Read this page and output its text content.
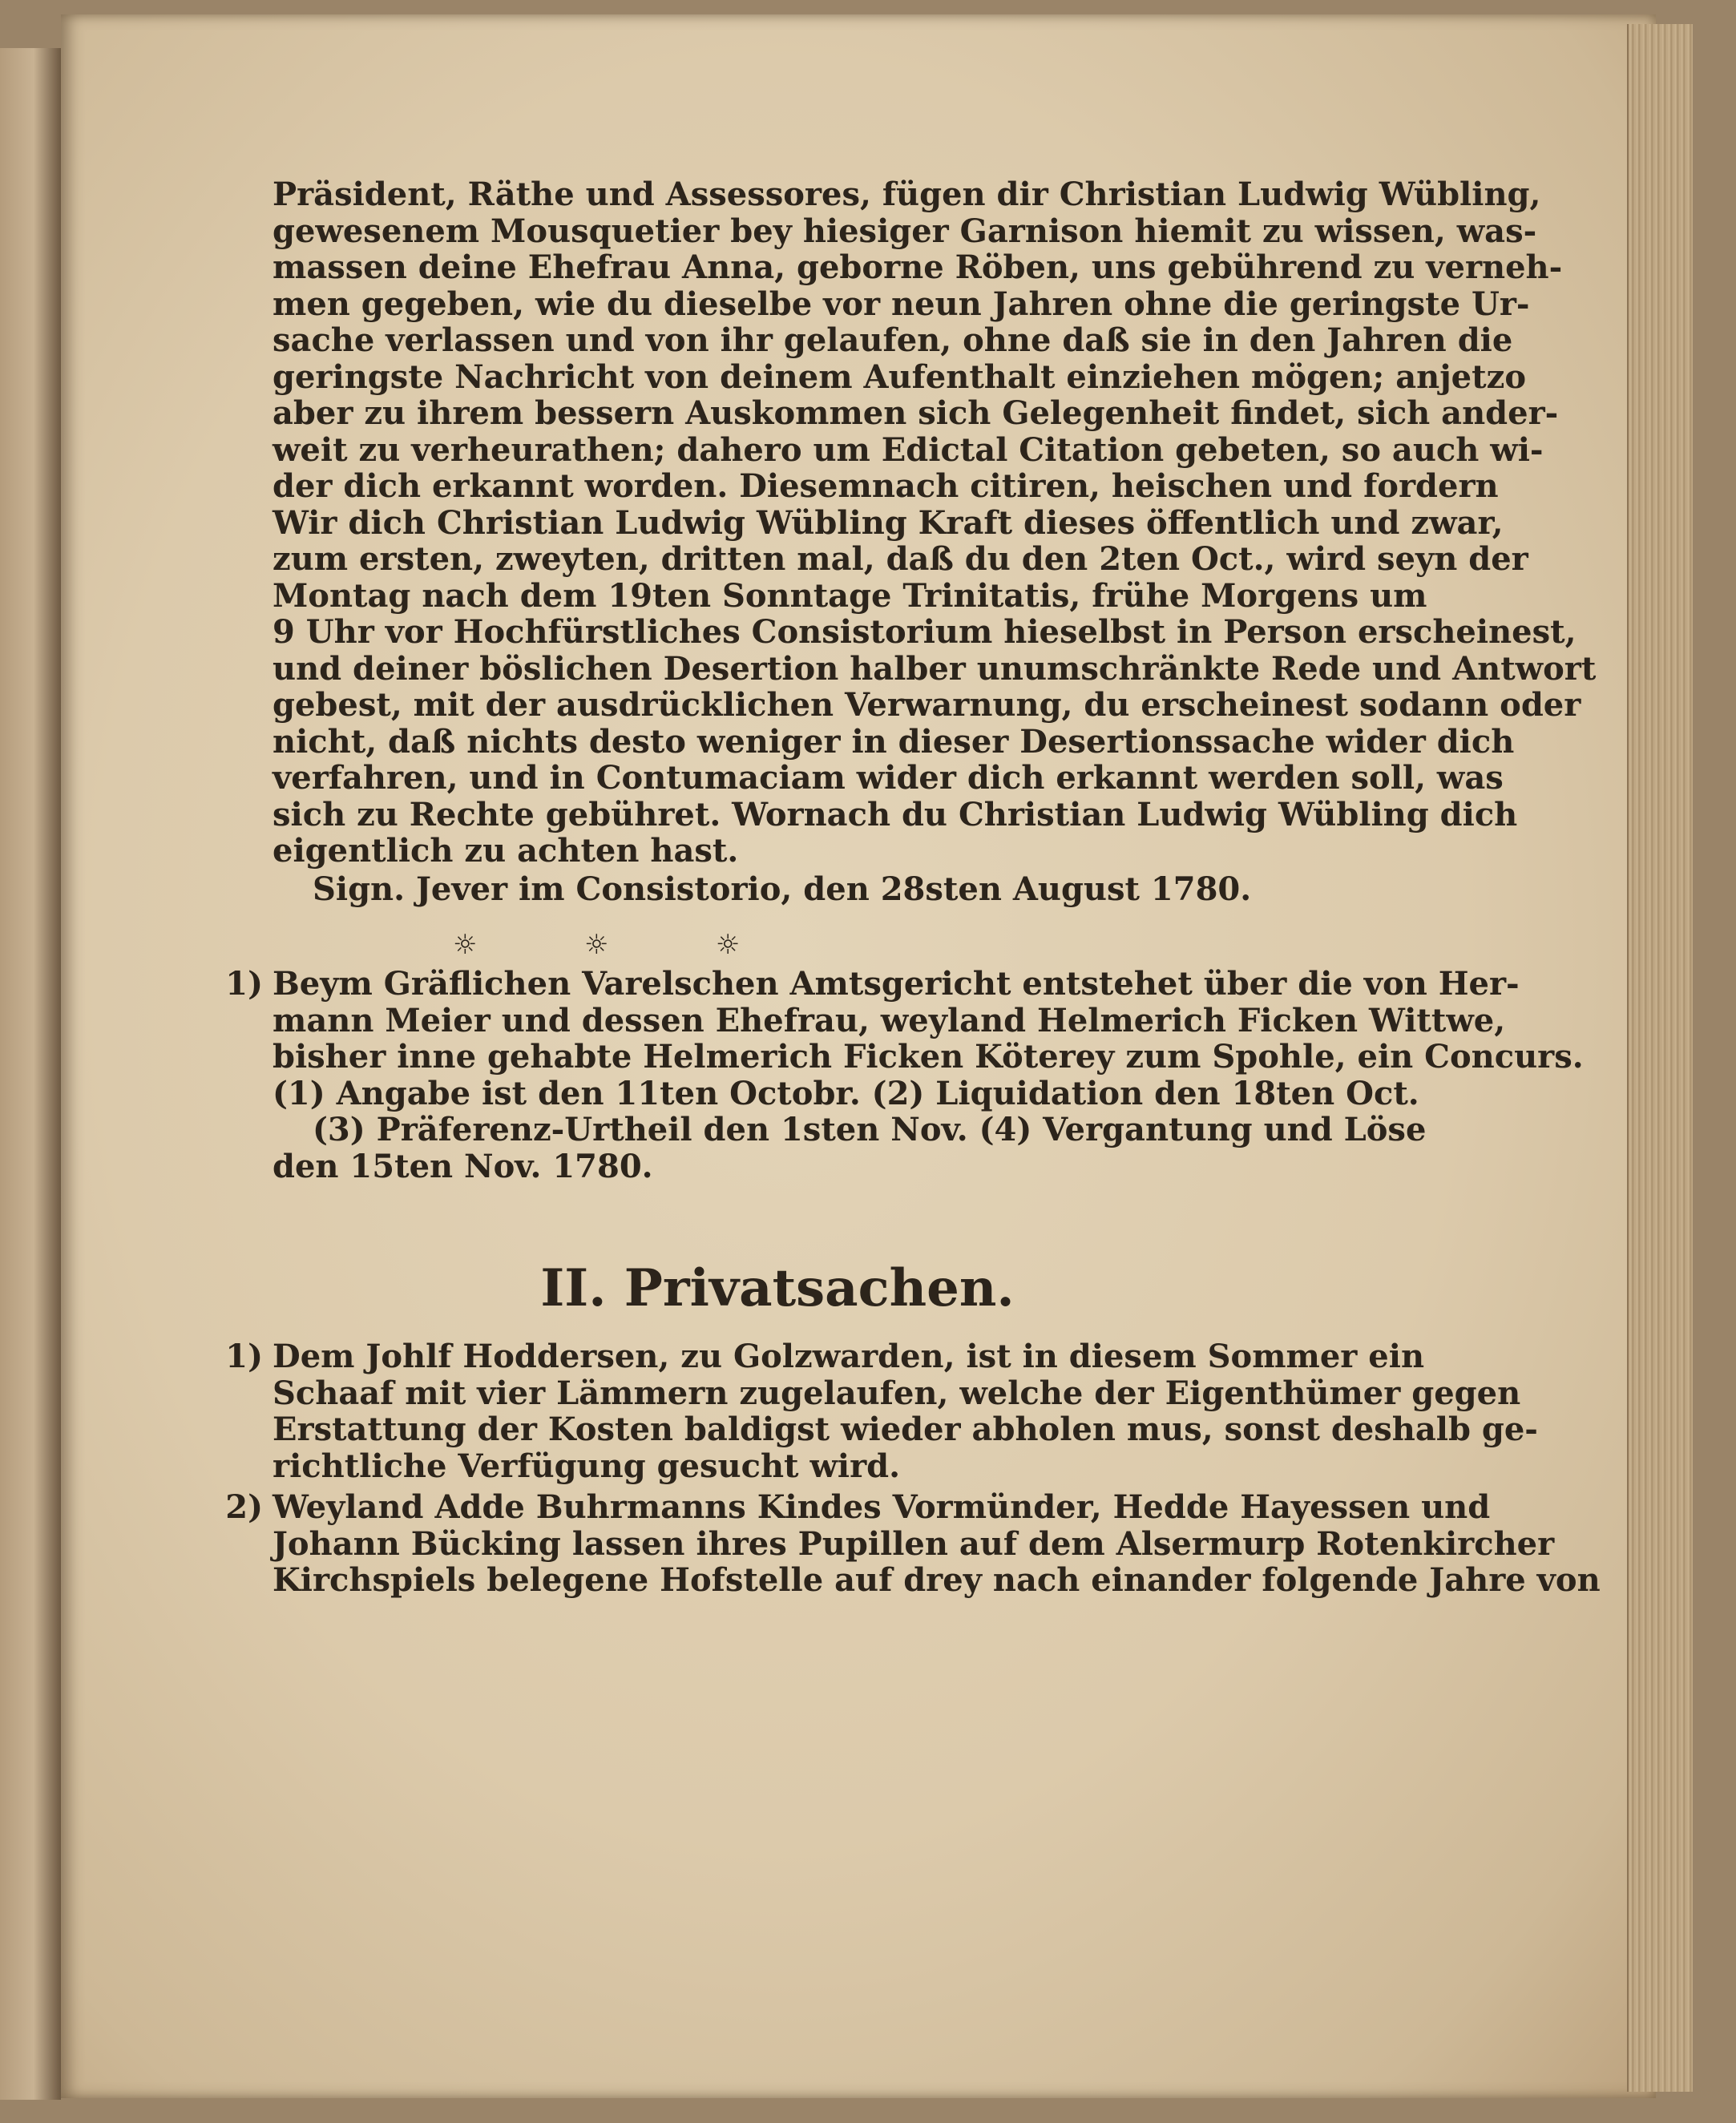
Präsident, Räthe und Assessores, fügen dir Christian Ludwig Wübling,
gewesenem Mousquetier bey hiesiger Garnison hiemit zu wissen, was-
massen deine Ehefrau Anna, geborne Röben, uns gebührend zu verneh-
men gegeben, wie du dieselbe vor neun Jahren ohne die geringste Ur-
sache verlassen und von ihr gelaufen, ohne daß sie in den Jahren die
geringste Nachricht von deinem Aufenthalt einziehen mögen; anjetzo
aber zu ihrem bessern Auskommen sich Gelegenheit findet, sich ander-
weit zu verheurathen; dahero um Edictal Citation gebeten, so auch wi-
der dich erkannt worden. Diesemnach citiren, heischen und fordern
Wir dich Christian Ludwig Wübling Kraft dieses öffentlich und zwar,
zum ersten, zweyten, dritten mal, daß du den 2ten Oct., wird seyn der
Montag nach dem 19ten Sonntage Trinitatis, frühe Morgens um
9 Uhr vor Hochfürstliches Consistorium hieselbst in Person erscheinest,
und deiner böslichen Desertion halber unumschränkte Rede und Antwort
gebest, mit der ausdrücklichen Verwarnung, du erscheinest sodann oder
nicht, daß nichts desto weniger in dieser Desertionssache wider dich
verfahren, und in Contumaciam wider dich erkannt werden soll, was
sich zu Rechte gebühret. Wornach du Christian Ludwig Wübling dich
eigentlich zu achten hast.
Sign. Jever im Consistorio, den 28sten August 1780.
☼	☼	☼
1) Beym Gräflichen Varelschen Amtsgericht entstehet über die von Her-
mann Meier und dessen Ehefrau, weyland Helmerich Ficken Wittwe,
bisher inne gehabte Helmerich Ficken Köterey zum Spohle, ein Concurs.
(1) Angabe ist den 11ten Octobr. (2) Liquidation den 18ten Oct.
(3) Präferenz-Urtheil den 1sten Nov. (4) Vergantung und Löse
den 15ten Nov. 1780.
II. Privatsachen.
1) Dem Johlf Hoddersen, zu Golzwarden, ist in diesem Sommer ein
Schaaf mit vier Lämmern zugelaufen, welche der Eigenthümer gegen
Erstattung der Kosten baldigst wieder abholen mus, sonst deshalb ge-
richtliche Verfügung gesucht wird.
2) Weyland Adde Buhrmanns Kindes Vormünder, Hedde Hayessen und
Johann Bücking lassen ihres Pupillen auf dem Alsermurp Rotenkircher
Kirchspiels belegene Hofstelle auf drey nach einander folgende Jahre von
